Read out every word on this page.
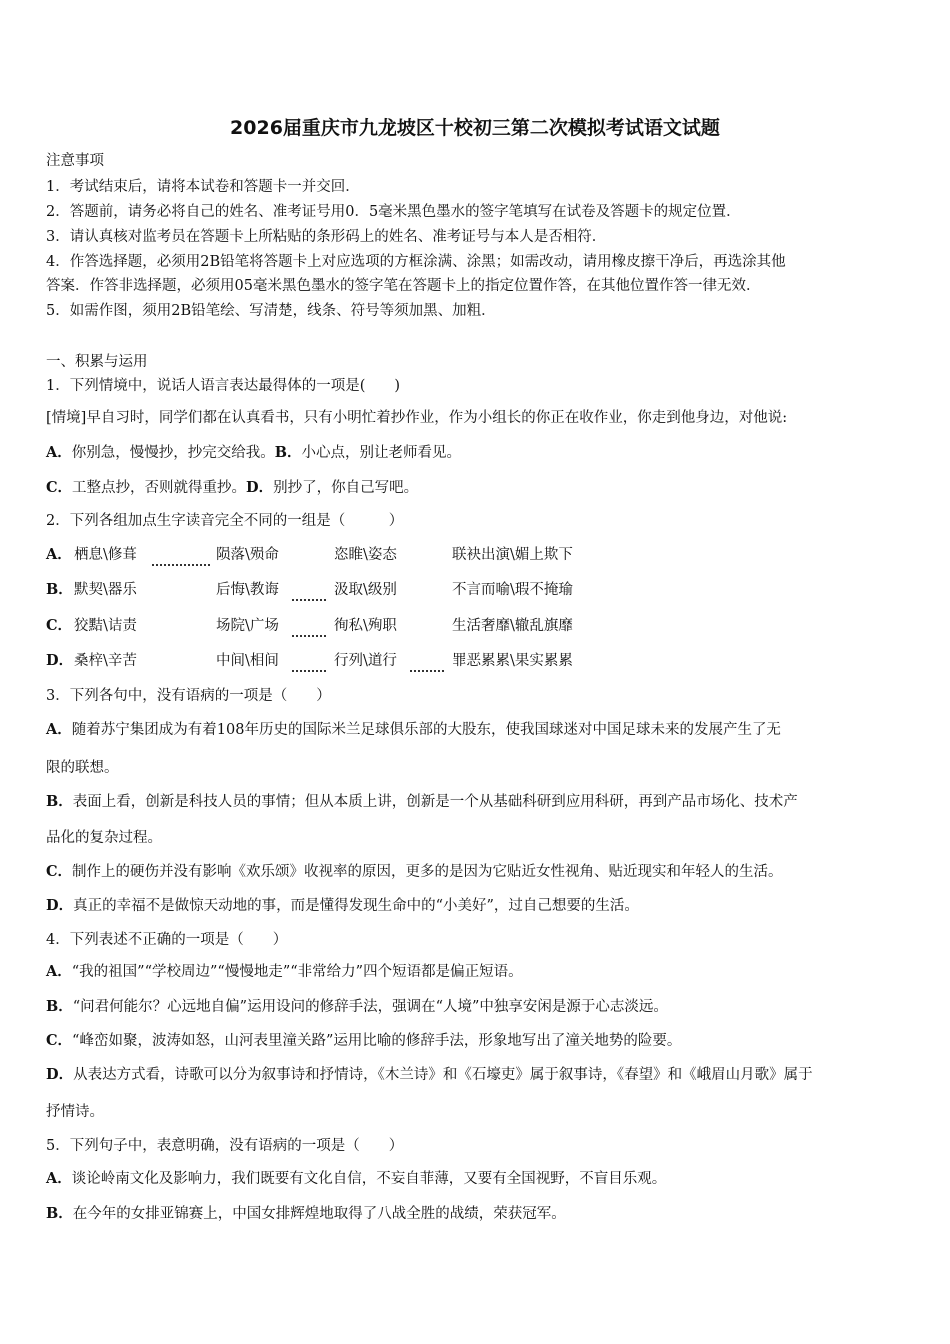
2026届重庆市九龙坡区十校初三第二次模拟考试语文试题
注意事项
1．考试结束后，请将本试卷和答题卡一并交回．
2．答题前，请务必将自己的姓名、准考证号用0．5毫米黑色墨水的签字笔填写在试卷及答题卡的规定位置．
3．请认真核对监考员在答题卡上所粘贴的条形码上的姓名、准考证号与本人是否相符．
4．作答选择题，必须用2B铅笔将答题卡上对应选项的方框涂满、涂黑；如需改动，请用橡皮擦干净后，再选涂其他
答案．作答非选择题，必须用05毫米黑色墨水的签字笔在答题卡上的指定位置作答，在其他位置作答一律无效．
5．如需作图，须用2B铅笔绘、写清楚，线条、符号等须加黑、加粗．
一、积累与运用
1．下列情境中，说话人语言表达最得体的一项是(　　)
[情境]早自习时，同学们都在认真看书，只有小明忙着抄作业，作为小组长的你正在收作业，你走到他身边，对他说:
A．你别急，慢慢抄，抄完交给我。B．小心点，别让老师看见。
C．工整点抄，否则就得重抄。D．别抄了，你自己写吧。
2．下列各组加点生字读音完全不同的一组是（　　　）
A． 栖息\修葺	陨落\殒命	恣睢\姿态	联袂出演\媚上欺下
B． 默契\器乐	后悔\教诲	汲取\级别	不言而喻\瑕不掩瑜
C． 狡黠\诘责	场院\广场	徇私\殉职	生活奢靡\辙乱旗靡
D． 桑梓\辛苦	中间\相间	行列\道行	罪恶累累\果实累累
3．下列各句中，没有语病的一项是（　　）
A．随着苏宁集团成为有着108年历史的国际米兰足球俱乐部的大股东，使我国球迷对中国足球未来的发展产生了无
限的联想。
B．表面上看，创新是科技人员的事情；但从本质上讲，创新是一个从基础科研到应用科研，再到产品市场化、技术产
品化的复杂过程。
C．制作上的硬伤并没有影响《欢乐颂》收视率的原因，更多的是因为它贴近女性视角、贴近现实和年轻人的生活。
D．真正的幸福不是做惊天动地的事，而是懂得发现生命中的“小美好”，过自己想要的生活。
4．下列表述不正确的一项是（　　）
A．“我的祖国”“学校周边”“慢慢地走”“非常给力”四个短语都是偏正短语。
B．“问君何能尔？心远地自偏”运用设问的修辞手法，强调在“人境”中独享安闲是源于心志淡远。
C．“峰峦如聚，波涛如怒，山河表里潼关路”运用比喻的修辞手法，形象地写出了潼关地势的险要。
D．从表达方式看，诗歌可以分为叙事诗和抒情诗，《木兰诗》和《石壕吏》属于叙事诗，《春望》和《峨眉山月歌》属于
抒情诗。
5．下列句子中，表意明确，没有语病的一项是（　　）
A．谈论岭南文化及影响力，我们既要有文化自信，不妄自菲薄，又要有全国视野，不盲目乐观。
B．在今年的女排亚锦赛上，中国女排辉煌地取得了八战全胜的战绩，荣获冠军。
